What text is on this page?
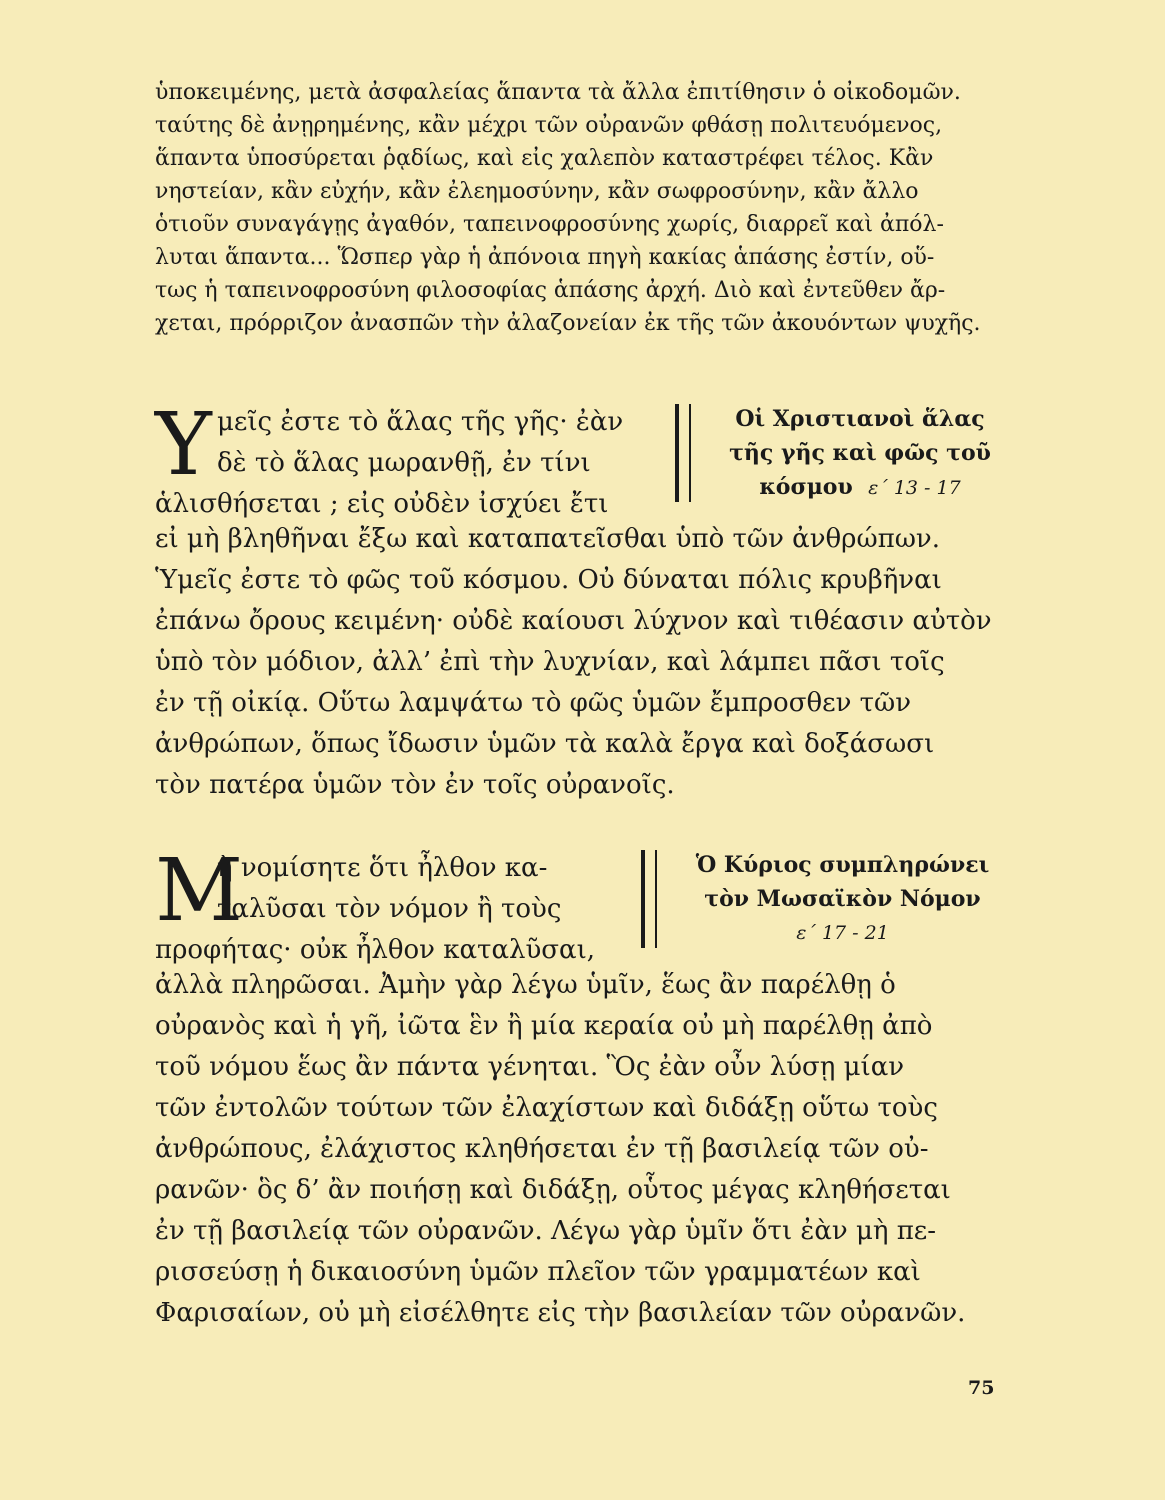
ὑποκειμένης, μετὰ ἀσφαλείας ἅπαντα τὰ ἄλλα ἐπιτίθησιν ὁ οἰκοδομῶν.
ταύτης δὲ ἀνῃρημένης, κἂν μέχρι τῶν οὐρανῶν φθάσῃ πολιτευόμενος,
ἅπαντα ὑποσύρεται ῥᾳδίως, καὶ εἰς χαλεπὸν καταστρέφει τέλος. Κἂν
νηστείαν, κἂν εὐχήν, κἂν ἐλεημοσύνην, κἂν σωφροσύνην, κἂν ἄλλο
ὁτιοῦν συναγάγῃς ἀγαθόν, ταπεινοφροσύνης χωρίς, διαρρεῖ καὶ ἀπόλ-
λυται ἅπαντα... Ὥσπερ γὰρ ἡ ἀπόνοια πηγὴ κακίας ἁπάσης ἐστίν, οὕ-
τως ἡ ταπεινοφροσύνη φιλοσοφίας ἁπάσης ἀρχή. Διὸ καὶ ἐντεῦθεν ἄρ-
χεται, πρόρριζον ἀνασπῶν τὴν ἀλαζονείαν ἐκ τῆς τῶν ἀκουόντων ψυχῆς.
Υ μεῖς ἐστε τὸ ἅλας τῆς γῆς· ἐὰν
δὲ τὸ ἅλας μωρανθῇ, ἐν τίνι
ἁλισθήσεται ; εἰς οὐδὲν ἰσχύει ἔτι
Οἱ Χριστιανοὶ ἅλας
τῆς γῆς καὶ φῶς τοῦ
κόσμου ε΄ 13 - 17
εἰ μὴ βληθῆναι ἔξω καὶ καταπατεῖσθαι ὑπὸ τῶν ἀνθρώπων.
Ὑμεῖς ἐστε τὸ φῶς τοῦ κόσμου. Οὐ δύναται πόλις κρυβῆναι
ἐπάνω ὄρους κειμένη· οὐδὲ καίουσι λύχνον καὶ τιθέασιν αὐτὸν
ὑπὸ τὸν μόδιον, ἀλλ’ ἐπὶ τὴν λυχνίαν, καὶ λάμπει πᾶσι τοῖς
ἐν τῇ οἰκίᾳ. Οὕτω λαμψάτω τὸ φῶς ὑμῶν ἔμπροσθεν τῶν
ἀνθρώπων, ὅπως ἴδωσιν ὑμῶν τὰ καλὰ ἔργα καὶ δοξάσωσι
τὸν πατέρα ὑμῶν τὸν ἐν τοῖς οὐρανοῖς.
Μ
ὴ νομίσητε ὅτι ἦλθον κα-
ταλῦσαι τὸν νόμον ἢ τοὺς
προφήτας· οὐκ ἦλθον καταλῦσαι,
Ὁ Κύριος συμπληρώνει
τὸν Μωσαϊκὸν Νόμον
ε΄ 17 - 21
ἀλλὰ πληρῶσαι. Ἀμὴν γὰρ λέγω ὑμῖν, ἕως ἂν παρέλθῃ ὁ
οὐρανὸς καὶ ἡ γῆ, ἰῶτα ἓν ἢ μία κεραία οὐ μὴ παρέλθῃ ἀπὸ
τοῦ νόμου ἕως ἂν πάντα γένηται. Ὃς ἐὰν οὖν λύσῃ μίαν
τῶν ἐντολῶν τούτων τῶν ἐλαχίστων καὶ διδάξῃ οὕτω τοὺς
ἀνθρώπους, ἐλάχιστος κληθήσεται ἐν τῇ βασιλείᾳ τῶν οὐ-
ρανῶν· ὃς δ’ ἂν ποιήσῃ καὶ διδάξῃ, οὗτος μέγας κληθήσεται
ἐν τῇ βασιλείᾳ τῶν οὐρανῶν. Λέγω γὰρ ὑμῖν ὅτι ἐὰν μὴ πε-
ρισσεύσῃ ἡ δικαιοσύνη ὑμῶν πλεῖον τῶν γραμματέων καὶ
Φαρισαίων, οὐ μὴ εἰσέλθητε εἰς τὴν βασιλείαν τῶν οὐρανῶν.
75
